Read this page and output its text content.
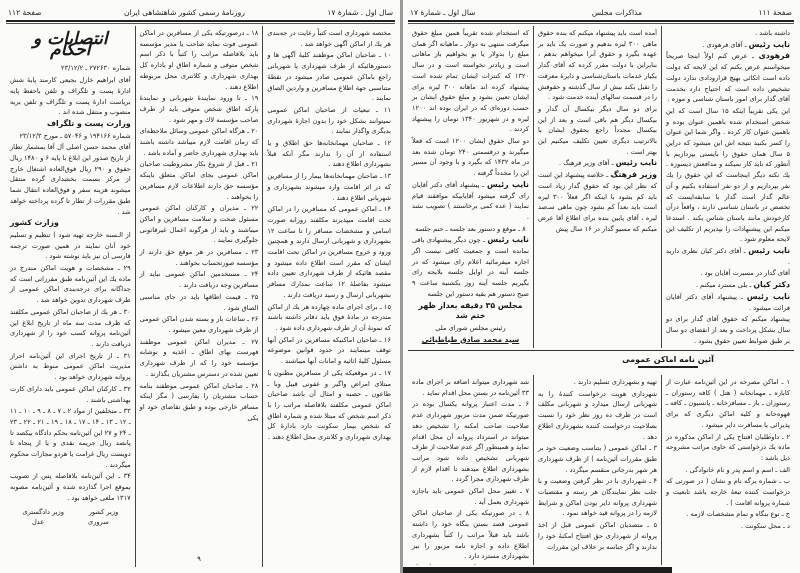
سال اول . شمارهٔ ۱۷
روزنامهٔ رسمی کشور شاهنشاهی ایران
صفحهٔ ۱۱۲

مختصه شهرداری است کتباً رعایت در جه‌بندی هر یك از اماکن آگهی خواهد شد .

۱۰ ـ صاحبان اماکن موظفند کلیهٔ آگهی ها و دستورهائیکه از طرف شهرداری یا شهربانی راجع باماکن عمومی صادر میشود در نقطهٔ متناسبی جهة اطلاع مسافرین و واردین الصاق نمایند .

۱۱ ـ تبعیات از صاحبان اماکن عمومی نمیتوانند بشکل خود را بدون اجازهٔ شهرداری بدیگری واگذار نمایند .

۱۲ ـ صاحبان مهمانخانه‌ها حق اطلاق و یا استفاده از آن را ندارند مگر آنکه قبلاً بشهرداری اطلاع دهند .

۱۳ ـ صاحبان مهمانخانه‌ها بیمار را از مسافرین که در اثر اقامت وارد میشوند بشهرداری و شهربانی اطلاع دهند .

۱۴ ـ اماکن عمومی که مسافرین را در اماکن تحت اقامت میپذیرند مکلفند روزانه صورت اسامی و مشخصات مسافر را تا ساعت ۱۲ بشهرداری و شهربانی ارسال دارند و همچنین ورود و خروج مسافرین در اماکن تحت اقامت ایشان که مقرر است اطلاع داده میشود و مقصد هائیکه از طرف شهرداری تعیین داده میشود بفاصلهٔ ۱۲ ساعت بمدارك مسافر بشهربانی ارسال و رسید دریافت دارند .

۱۵ ـ برای اجرای ماده چهارده هر یك از اماکن مندرجه در مادهٔ فوق باید دفاتر داشته باشند که نمونهٔ آن از طرف شهرداری داده شود .

۱۶ ـ صاحبان اماکنیکه مسافرین در اماکن آنها توقف مینمایند در حدود قوانین موضوعه مسئول کلیهٔ اثاثیه و امانات آنها میباشند .

۱۷ ـ در موقعیکه یکی از مسافرین مظنون یا مبتلای امراض واگیر و عفونی قبیل وبا ـ طاعون ـ حصبه و امثال آن باشد صاحبان اماکن عمومی مکلفند بلافاصله مراتب را با ذکر اسم شخص که مبتلا شده و شماره اطاق که شخص بیمار سکونت دارد بادارهٔ کل بهداری شهرداری و کلانتری محل اطلاع دهند .

۱۸ ـ درصورتیکه یکی از مسافرین در اماکن عمومی فوت نماید صاحب یا مدیر مؤسسه باید بلافاصله مراتب را کتباً با ذکر اسم شخص متوفی و شماره اطاق او باداره کل بهداری شهرداری و کلانتری محل مربوطه اطلاع دهند .

۱۹ ـ تا ورود نمایندهٔ شهربانی و نمایندهٔ پارکه اطاق شخص متوفی باید از طرف صاحب مؤسسه لاك و مهر شود .

۲۰ ـ هرگاه اماکن عمومی وسائل ملاحظه‌ای که زمان اقامت لازم میباشد داشته باشند باید بهداری شهرداری حاضر و آماده باشد .

۲۱ ـ قبل از شروع بکار مشروطیت صاحبان اماکن عمومی بجای اماکن متعلق باینکه مؤسسه حق دارند اطلاعات لازم مسافرین را بخواهند .

۲۲ ـ مدیران و کارکنان اماکن عمومی مسئول صحت و سلامت مسافرین و اماکن میباشند و باید از هرگونه اعمال غیرقانونی جلوگیری نمایند .

۲۳ ـ مسافرین در هر موقع حق دارند از مؤسسه صورتحساب بخواهند .

۲۴ ـ مستخدمین اماکن عمومی نباید از مسافرین وجه دریافت دارند .

۲۵ ـ قیمت اطاقها باید در جای مناسبی الصاق شود .

۲۶ ـ ساعات باز و بسته شدن اماکن عمومی از طرف شهرداری معین میشود .

۲۷ ـ مدیران اماکن عمومی موظفند فهرست بهای اطاق ـ اغذیه و نوشابه مؤسسه خود را که از طرف شهرداری تعیین شده در دسترس مشتریان بگذارند .

۲۸ ـ صاحبان اماکن عمومی موظفند بنامه حساب مشتریان را بفارسی ( مگر اینکه مسافر خارجی بوده و طبق تقاضای خود او یکی

۹
انتصابات و احکام

شماره ۲۷۲۶۳۰ ـ ۲۳/۱۲/۲

آقای ابراهیم خازل بجیعی کارمند پایهٔ شش ادارهٔ پست و تلگراف و تلفن باحفظ پایه بریاست ادارهٔ پست و تلگراف و تلفن بریه منصوب و منتقل شده اند .

وزارت پست و تلگراف

شماره ۱۹۴۱۶۶ و ۵۷۰۴۶ ـ مورخ ۲۳/۱۲/۳

آقای محمد حسن اصلی آل آقا بمشمار تطار از تاریخ صدور این ابلاغ با پایه ۶ و ۱۴۸۰ ریال حقوق و ۲۹۰ ریال فوق‌العاده اشتغال خارج از مرکز بسمت بخشداری گرده منتقل میشوند هزینه سفر و فوق‌العاده انتقال شما طبق مقررات از تطار تا گرده پرداخته خواهد شد .

وزارت کشور

از الـسنه خارجه تهیه شود ) تنظیم و تسلیم خود آنان نمایند در همین صورت ترجمه فارسی آن نیز باید نوشته شود .

۲۹ ـ مشخصات و هویت اماکن مندرج در ماده یك این آئین‌نامه طبق مقرراتی است که جداگانه برای درجه‌بندی اماکن عمومی از طرف شهرداری تدوین خواهد شد .

۳۰ ـ هر یك از صاحبان اماکن عمومی مکلفند که ظرف مدت سه ماه از تاریخ ابلاغ این آئین‌نامه پروانه کسب خود را از شهرداری دریافت دارند .

۳۱ ـ از تاریخ اجرای این آئین‌نامه احراز مدیریت اماکن عمومی منوط به داشتن پروانه شهرداری خواهد بود .

۳۲ ـ کارکنان اماکن عمومی باید دارای کارت بهداشتی باشند .

۳۳ ـ متخلفین از مواد ۲ ـ ۷ ـ ۸ ـ ۹ ـ ۱۰ ـ ۱۱ ـ ۱۲ ـ ۱۳ ـ ۱۴ ـ ۱۷ ـ ۱۸ ـ ۱۹ ـ ۲۱ ـ ۲۲ ـ ۲۳ ـ ۲۴ و ۲۷ این آئین‌نامه بحکم دادگاه بیکصد تا پانصد ریال جریمه نقدی و یا از پنجاه تا دویست ریال غرامت یا هردو مجازات محکوم میگردند .

۳۴ ـ این آئین‌نامه بلافاصله پس از تصویب بموقع اجرا گذارده شده و آئین‌نامه مصوبه ۱۳۱۷ ملغی خواهد بود .

وزیر کشور
وزیر دادگستری
سروری
عدل
صفحهٔ ۱۱۱
مذاکرات مجلس
سال اول ـ شمارهٔ ۱۷

داشته باشد .

نایب رئیس ـ آقای فرهودی .

فرهودی ـ عرض کنم اولاً اینجا صریحاً میخواستم عرض بکنم که این لایحه که دولت داده است اتکائی بهیچ قرارودادی ندارد دولت تشخیص داده است که احتیاج دارد بخدمت آقای گدار برای امور باستان شناسی و موزه .

این یکی تقریباً اینکه ۱۵ سال است که این شخص استخدام شده باهمین عنوان بوده و باهمین عنوان کار کرده . واگر شما این عنوان را کسر بکنید نتیجه اش این میشود که دراین ۵ سال همان حقوق را بایستی بپردازیم با آنطور که باید کار نمیکند و مدافعش دیسوزه . یك نکته دیگر اینجاست که این حقوق را یك نفر بپردازیم و از دو نفر استفاده بکنیم و آن عالم گدار است گدار با سابقه‌ایست که تخصص در باستان شناسی دارند ، واقعاً درآن کارخودش مانند باستان شناس بکند . استدعا میکنم این پیشنهادات را بپذیریم از تکلیف این لایحه معلوم شود .

نایب رئیس ـ آقای دکتر کیان نظری دارید .

آقای گدار در مسبرت آقایان بود .

دکتر کیان ـ بلی مسترد میکنم .

نایب رئیس ـ پیشنهاد آقای دکتر آقایان قرائت میشود .

پیشنهاد میکنم که حقوق آقای گدار برای دو سال بشکل پرداخت و بعد از انقضای دو سال بر طبق ضوابط تعیین حقوق بشود .

آمده است باید پیشنهاد میکنم که بنده حقوق ماهی ۳۰۰ لیره بدهیم و صورت یک باید بر عهده بگیرد و حقوق آنرا میخواهم بدهم ، بنابراین با دولت مقرر کرده که آقای گدار یکیار خدمات باستان‌شناسی و دایرهٔ معرفت را تقبل بکند بیش از سال گذشته و حقوقش را در قسمت سالهای آینده خدمت شود .

برای دو سال دیگر بیکسال آن گدار و بیکسال دیگر هم باقی است و بعد از این بیکسال مجدداً راجع بحقوق ایشان با بالاترتیب دیگری تعیین تکلیف میکنیم این بهتر است .

نایب رئیس ـ آقای وزیر فرهنگ .

وزیر فرهنگ ـ خلاصه پیشنهاد این است که نظر این بود که حقوق گدار زیاد است باید کم بشود با اینکه اگر فعلاً ۳۰۰ لیره است باید بعداً کم بشود چون ماهی سـ‌صد لیره ، آقای پایین بنده برای اطلاع آقا عرض میکنم که مسیو گدار در ۱۶ سال پیش

که استخدام شده تقریباً همین مبلغ حقوق میگرفت منتهی به دولار ـ ماهیانه اگر همان مبلغ را بدولار یا بو بخواهیم باز ماهانی است و زیادتر نخواسته است و در سال ۱۳۲۰ که کنترات ایشان تمام شده است پیشنهاد کرده اند ماهانه ۳۰۰ لیره برای ایشان تعیین بشود و مبلغ حقوق ایشان بر حسب دوره‌ای که در ایران بوده اند ۱۲۰۰ لیره و در شهریور ۱۳۴۰ تومان را پیشنهاد کردند .

دو سال حقوق ایشان ۱۲۰۰ است که فعلاً میگیرند و درقسمتی ۲۴۰ تومان شده بعد در ماه ۱۴۳۲ که بگیرد و با وجود آن مسیر این را مجدداً گرفته .

نایب رئیس ـ پیشنهاد آقای دکتر آقایان رای گرفته میشود آقایانیکه موافقند قیام نمایند ( عده کمی برخاستند ) تصویب نشد .

۸ ـ موقع و دستور بعد جلسه ـ ختم جلسه

نایب رئیس ـ چون دیگر پیشنهادی باقی نمانده است و جمعیت کافی نیست اگر اجازه میفرمائید اعلام رای میشود که در جلسه آینه در اوایل جلسه بلایحه رای بگیریم جلسه آینه روز یکشنبه ساعت ۹ صبح دستور هم بقیه دستور این جلسه

مجلس ۳۵ دقیقه بعداز ظهر ختم شد

رئیس مجلس شورای ملی

سید محمد صادق طباطبائی

آئین نامه اماکن عمومی

۱ ـ اماکن مصرحه در این آئین‌نامه عبارت از کاباره ـ مهمانخانه ( هتل ) کافه رستوران ـ رستوران ـ بار ـ مسافرخانه ـ پانسیون ـ کافه ـ قهوه‌خانه و کلیه اماکن دیگری که برای پذیرائی یا مسافرت دایر میشود .

۲ ـ داوطلبان افتتاح یکی از اماکن مذکوره در ماده یك درخواستی که حاوی مراتب مشروحه ذیل باشد :

الف ـ اسم و اسم پدر و نام خانوادگی .

ب ـ شماره برگه نام و نشان ( در صورتی که درخواست کننده تبعهٔ خارجه باشد تابعیت و شماره پروانه اقامت ) .

ج ـ نوع بنگاه و تمام مشخصات لازمه .

د ـ محل سکونت .

تهیه و بشهرداری تسلیم دارند .

شهرداری هویت درخواست کنندهٔ را به شهربانی ارسال میدارد و شهربانی مکلف است در ظرف ده روز نظر خود را نسبت بصلاحیت درخواست کننده بشهرداری اطلاع دهد .

۳ ـ اماکن عمومی ( بتناسب وضعیت خود بر طبق مقررات آئین‌نامه ) از طرف شهرداری هر شهر بدرجاتی منقسم میگردد .

۴ ـ شهرداری با در نظر گرفتن وضعیت و با جلب نظر نمایندگان هر رسته و مقتضیات شهرداری پروانه دایر بودن اماکن و شرایط لازمه را در پروانه قید خواهد نمود .

۵ ـ متصدیان اماکن عمومی قبل از اخذ پروانه از شهرداری حق افتتاح امکنهٔ خود را ندارند و اگر جناسه بر خلاف این مقررات

شد شهرداری میتواند اضافه بر اجرای ماده ۳۳ آئین‌نامه در بستن محل اقدام نماید .

۶ ـ مدت اعتبار پروانه یکسال بوده در صورتیکه ضمن مدت مزبور شهرداری عدم صلاحیت صاحب امکنه را تشخیص دهد میتواند در استرداد پروانه آن محل اقدام نماید و همینطور اگر عدم صلاحیت از طرف شهربانی تشخیص داده شود مراتب بشهرداری اطلاع میدهند تا اقدام لازم از طرف شهرداری مجرا گردد .

۷ ـ تغییر محل اماکن عمومی باید باجازه شهرداری بعمل آید .

۸ ـ در صورتیکه یکی از صاحبان اماکن عمومی قصد بستن بنگاه خود را داشته باشد باید قبلاً مراتب را کتباً بشهرداری اطلاع داده و اجازه نامه مزبور را نیز بشهرداری مسترد دارد .
